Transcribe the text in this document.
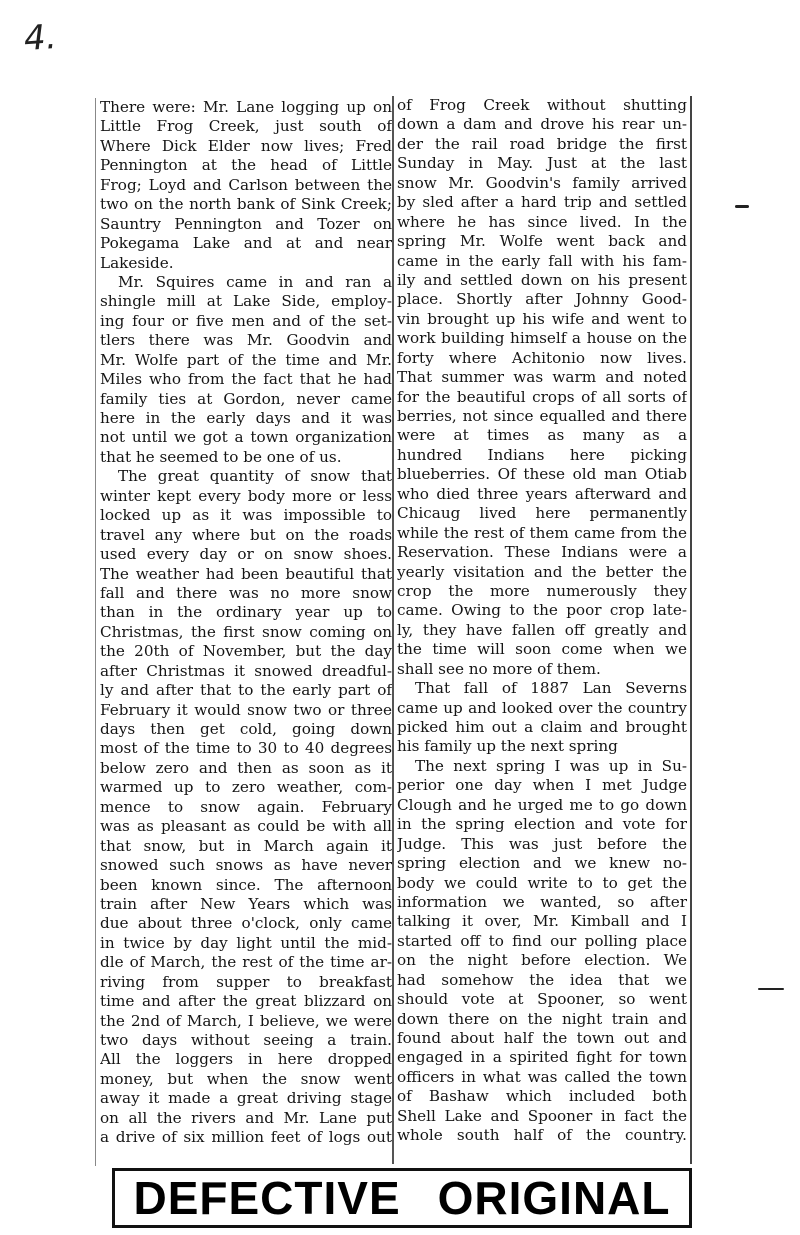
4.
There were: Mr. Lane logging up on
Little Frog Creek, just south of
Where Dick Elder now lives; Fred
Pennington at the head of Little
Frog; Loyd and Carlson between the
two on the north bank of Sink Creek;
Sauntry Pennington and Tozer on
Pokegama Lake and at and near
Lakeside.
Mr. Squires came in and ran a
shingle mill at Lake Side, employ-
ing four or five men and of the set-
tlers there was Mr. Goodvin and
Mr. Wolfe part of the time and Mr.
Miles who from the fact that he had
family ties at Gordon, never came
here in the early days and it was
not until we got a town organization
that he seemed to be one of us.
The great quantity of snow that
winter kept every body more or less
locked up as it was impossible to
travel any where but on the roads
used every day or on snow shoes.
The weather had been beautiful that
fall and there was no more snow
than in the ordinary year up to
Christmas, the first snow coming on
the 20th of November, but the day
after Christmas it snowed dreadful-
ly and after that to the early part of
February it would snow two or three
days then get cold, going down
most of the time to 30 to 40 degrees
below zero and then as soon as it
warmed up to zero weather, com-
mence to snow again. February
was as pleasant as could be with all
that snow, but in March again it
snowed such snows as have never
been known since. The afternoon
train after New Years which was
due about three o'clock, only came
in twice by day light until the mid-
dle of March, the rest of the time ar-
riving from supper to breakfast
time and after the great blizzard on
the 2nd of March, I believe, we were
two days without seeing a train.
All the loggers in here dropped
money, but when the snow went
away it made a great driving stage
on all the rivers and Mr. Lane put
a drive of six million feet of logs out
of Frog Creek without shutting
down a dam and drove his rear un-
der the rail road bridge the first
Sunday in May. Just at the last
snow Mr. Goodvin's family arrived
by sled after a hard trip and settled
where he has since lived. In the
spring Mr. Wolfe went back and
came in the early fall with his fam-
ily and settled down on his present
place. Shortly after Johnny Good-
vin brought up his wife and went to
work building himself a house on the
forty where Achitonio now lives.
That summer was warm and noted
for the beautiful crops of all sorts of
berries, not since equalled and there
were at times as many as a
hundred Indians here picking
blueberries. Of these old man Otiab
who died three years afterward and
Chicaug lived here permanently
while the rest of them came from the
Reservation. These Indians were a
yearly visitation and the better the
crop the more numerously they
came. Owing to the poor crop late-
ly, they have fallen off greatly and
the time will soon come when we
shall see no more of them.
That fall of 1887 Lan Severns
came up and looked over the country
picked him out a claim and brought
his family up the next spring
The next spring I was up in Su-
perior one day when I met Judge
Clough and he urged me to go down
in the spring election and vote for
Judge. This was just before the
spring election and we knew no-
body we could write to to get the
information we wanted, so after
talking it over, Mr. Kimball and I
started off to find our polling place
on the night before election. We
had somehow the idea that we
should vote at Spooner, so went
down there on the night train and
found about half the town out and
engaged in a spirited fight for town
officers in what was called the town
of Bashaw which included both
Shell Lake and Spooner in fact the
whole south half of the country.
DEFECTIVE ORIGINAL
